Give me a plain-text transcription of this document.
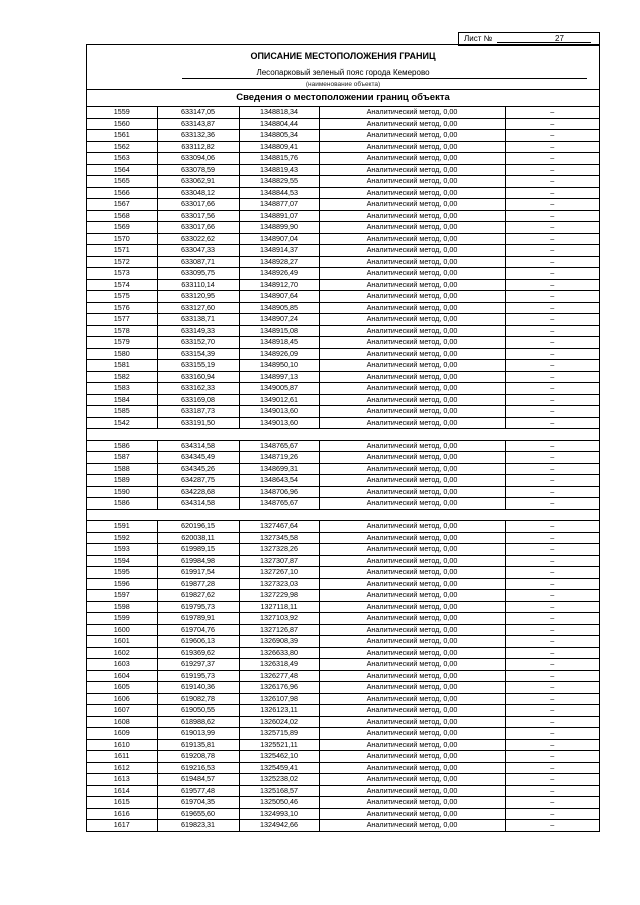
Лист №	27
ОПИСАНИЕ МЕСТОПОЛОЖЕНИЯ ГРАНИЦ
Лесопарковый зеленый пояс города Кемерово
(наименование объекта)
Сведения о местоположении границ объекта
1559	633147,05	1348818,34	Аналитический метод, 0,00	–
1560	633143,87	1348804,44	Аналитический метод, 0,00	–
1561	633132,36	1348805,34	Аналитический метод, 0,00	–
1562	633112,82	1348809,41	Аналитический метод, 0,00	–
1563	633094,06	1348815,76	Аналитический метод, 0,00	–
1564	633078,59	1348819,43	Аналитический метод, 0,00	–
1565	633062,91	1348829,55	Аналитический метод, 0,00	–
1566	633048,12	1348844,53	Аналитический метод, 0,00	–
1567	633017,66	1348877,07	Аналитический метод, 0,00	–
1568	633017,56	1348891,07	Аналитический метод, 0,00	–
1569	633017,66	1348899,90	Аналитический метод, 0,00	–
1570	633022,62	1348907,04	Аналитический метод, 0,00	–
1571	633047,33	1348914,37	Аналитический метод, 0,00	–
1572	633087,71	1348928,27	Аналитический метод, 0,00	–
1573	633095,75	1348926,49	Аналитический метод, 0,00	–
1574	633110,14	1348912,70	Аналитический метод, 0,00	–
1575	633120,95	1348907,64	Аналитический метод, 0,00	–
1576	633127,60	1348905,85	Аналитический метод, 0,00	–
1577	633138,71	1348907,24	Аналитический метод, 0,00	–
1578	633149,33	1348915,08	Аналитический метод, 0,00	–
1579	633152,70	1348918,45	Аналитический метод, 0,00	–
1580	633154,39	1348926,09	Аналитический метод, 0,00	–
1581	633155,19	1348950,10	Аналитический метод, 0,00	–
1582	633160,94	1348997,13	Аналитический метод, 0,00	–
1583	633162,33	1349005,87	Аналитический метод, 0,00	–
1584	633169,08	1349012,61	Аналитический метод, 0,00	–
1585	633187,73	1349013,60	Аналитический метод, 0,00	–
1542	633191,50	1349013,60	Аналитический метод, 0,00	–

1586	634314,58	1348765,67	Аналитический метод, 0,00	–
1587	634345,49	1348719,26	Аналитический метод, 0,00	–
1588	634345,26	1348699,31	Аналитический метод, 0,00	–
1589	634287,75	1348643,54	Аналитический метод, 0,00	–
1590	634228,68	1348706,96	Аналитический метод, 0,00	–
1586	634314,58	1348765,67	Аналитический метод, 0,00	–

1591	620196,15	1327467,64	Аналитический метод, 0,00	–
1592	620038,11	1327345,58	Аналитический метод, 0,00	–
1593	619989,15	1327328,26	Аналитический метод, 0,00	–
1594	619984,98	1327307,87	Аналитический метод, 0,00	–
1595	619917,54	1327267,10	Аналитический метод, 0,00	–
1596	619877,28	1327323,03	Аналитический метод, 0,00	–
1597	619827,62	1327229,98	Аналитический метод, 0,00	–
1598	619795,73	1327118,11	Аналитический метод, 0,00	–
1599	619789,91	1327103,92	Аналитический метод, 0,00	–
1600	619704,76	1327126,87	Аналитический метод, 0,00	–
1601	619606,13	1326908,39	Аналитический метод, 0,00	–
1602	619369,62	1326633,80	Аналитический метод, 0,00	–
1603	619297,37	1326318,49	Аналитический метод, 0,00	–
1604	619195,73	1326277,48	Аналитический метод, 0,00	–
1605	619140,36	1326176,96	Аналитический метод, 0,00	–
1606	619082,78	1326107,98	Аналитический метод, 0,00	–
1607	619050,55	1326123,11	Аналитический метод, 0,00	–
1608	618988,62	1326024,02	Аналитический метод, 0,00	–
1609	619013,99	1325715,89	Аналитический метод, 0,00	–
1610	619135,81	1325521,11	Аналитический метод, 0,00	–
1611	619208,78	1325462,10	Аналитический метод, 0,00	–
1612	619216,53	1325459,41	Аналитический метод, 0,00	–
1613	619484,57	1325238,02	Аналитический метод, 0,00	–
1614	619577,48	1325168,57	Аналитический метод, 0,00	–
1615	619704,35	1325050,46	Аналитический метод, 0,00	–
1616	619655,60	1324993,10	Аналитический метод, 0,00	–
1617	619823,31	1324942,66	Аналитический метод, 0,00	–
